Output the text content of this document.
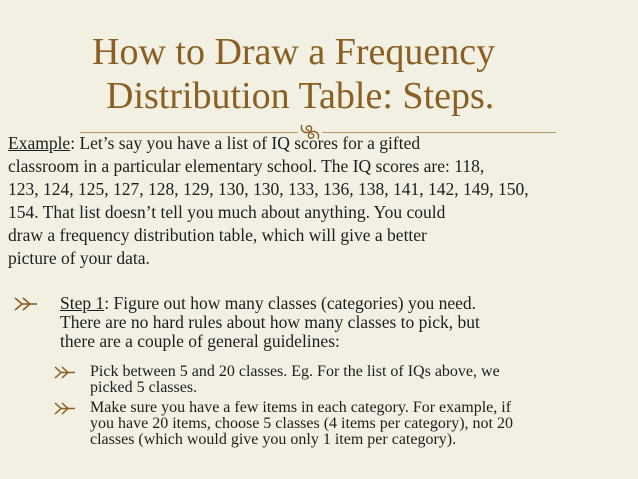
How to Draw a Frequency
Distribution Table: Steps.
Example: Let’s say you have a list of IQ scores for a gifted
classroom in a particular elementary school. The IQ scores are: 118,
123, 124, 125, 127, 128, 129, 130, 130, 133, 136, 138, 141, 142, 149, 150,
154. That list doesn’t tell you much about anything. You could
draw a frequency distribution table, which will give a better
picture of your data.
Step 1: Figure out how many classes (categories) you need.
There are no hard rules about how many classes to pick, but
there are a couple of general guidelines:
Pick between 5 and 20 classes. Eg. For the list of IQs above, we
picked 5 classes.
Make sure you have a few items in each category. For example, if
you have 20 items, choose 5 classes (4 items per category), not 20
classes (which would give you only 1 item per category).
